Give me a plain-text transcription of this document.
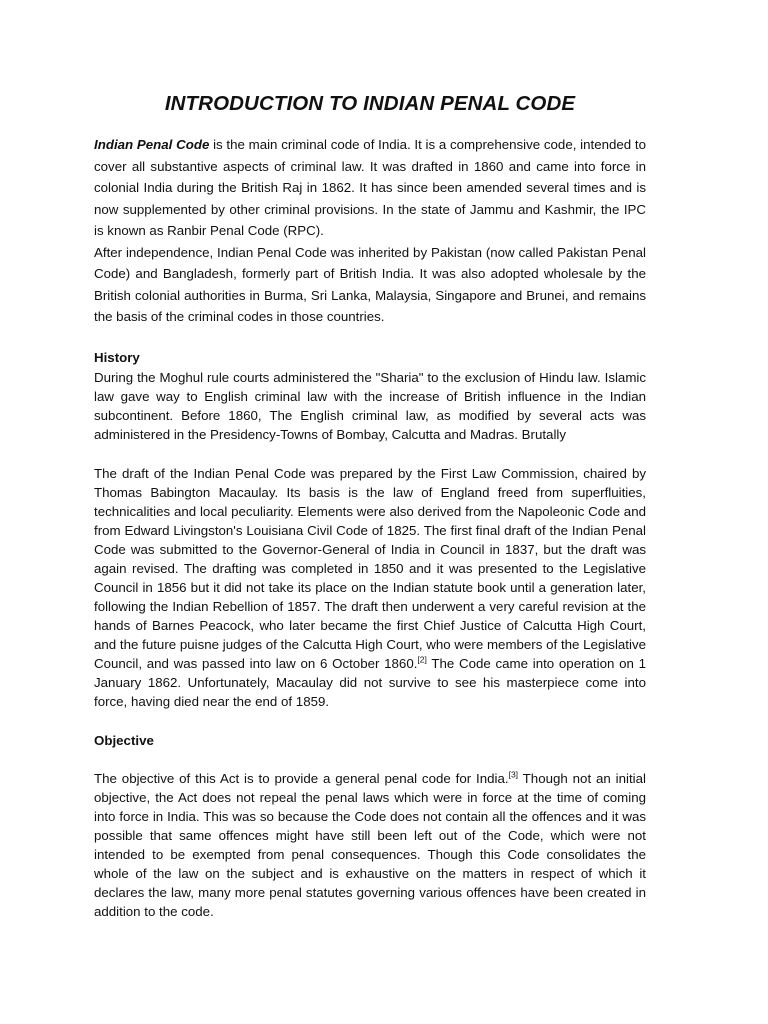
INTRODUCTION TO INDIAN PENAL CODE

Indian Penal Code is the main criminal code of India. It is a comprehensive code, intended to cover all substantive aspects of criminal law. It was drafted in 1860 and came into force in colonial India during the British Raj in 1862. It has since been amended several times and is now supplemented by other criminal provisions. In the state of Jammu and Kashmir, the IPC is known as Ranbir Penal Code (RPC).

After independence, Indian Penal Code was inherited by Pakistan (now called Pakistan Penal Code) and Bangladesh, formerly part of British India. It was also adopted wholesale by the British colonial authorities in Burma, Sri Lanka, Malaysia, Singapore and Brunei, and remains the basis of the criminal codes in those countries.

History

During the Moghul rule courts administered the "Sharia" to the exclusion of Hindu law. Islamic law gave way to English criminal law with the increase of British influence in the Indian subcontinent. Before 1860, The English criminal law, as modified by several acts was administered in the Presidency-Towns of Bombay, Calcutta and Madras. Brutally

The draft of the Indian Penal Code was prepared by the First Law Commission, chaired by Thomas Babington Macaulay. Its basis is the law of England freed from superfluities, technicalities and local peculiarity. Elements were also derived from the Napoleonic Code and from Edward Livingston's Louisiana Civil Code of 1825. The first final draft of the Indian Penal Code was submitted to the Governor-General of India in Council in 1837, but the draft was again revised. The drafting was completed in 1850 and it was presented to the Legislative Council in 1856 but it did not take its place on the Indian statute book until a generation later, following the Indian Rebellion of 1857. The draft then underwent a very careful revision at the hands of Barnes Peacock, who later became the first Chief Justice of Calcutta High Court, and the future puisne judges of the Calcutta High Court, who were members of the Legislative Council, and was passed into law on 6 October 1860.[2] The Code came into operation on 1 January 1862. Unfortunately, Macaulay did not survive to see his masterpiece come into force, having died near the end of 1859.

Objective

The objective of this Act is to provide a general penal code for India.[3] Though not an initial objective, the Act does not repeal the penal laws which were in force at the time of coming into force in India. This was so because the Code does not contain all the offences and it was possible that same offences might have still been left out of the Code, which were not intended to be exempted from penal consequences. Though this Code consolidates the whole of the law on the subject and is exhaustive on the matters in respect of which it declares the law, many more penal statutes governing various offences have been created in addition to the code.
